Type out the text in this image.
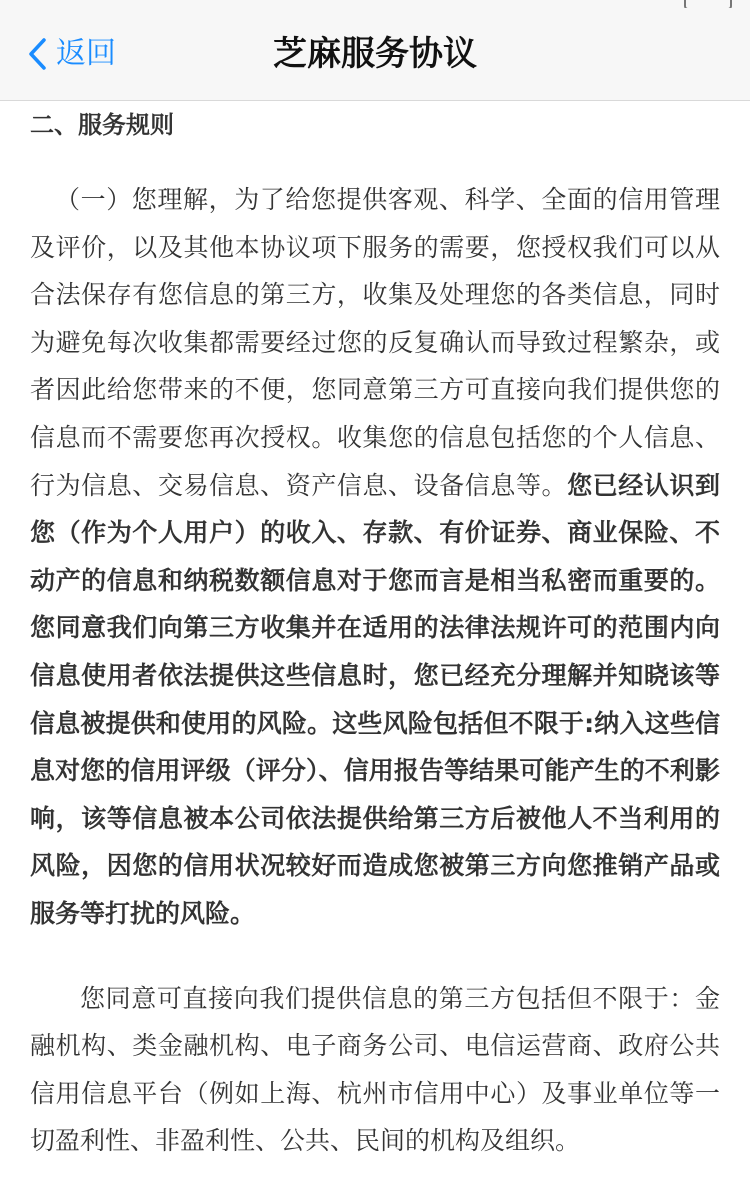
返回	芝麻服务协议

二、服务规则

（一）您理解，为了给您提供客观、科学、全面的信用管理及评价，以及其他本协议项下服务的需要，您授权我们可以从合法保存有您信息的第三方，收集及处理您的各类信息，同时为避免每次收集都需要经过您的反复确认而导致过程繁杂，或者因此给您带来的不便，您同意第三方可直接向我们提供您的信息而不需要您再次授权。收集您的信息包括您的个人信息、行为信息、交易信息、资产信息、设备信息等。您已经认识到您（作为个人用户）的收入、存款、有价证券、商业保险、不动产的信息和纳税数额信息对于您而言是相当私密而重要的。您同意我们向第三方收集并在适用的法律法规许可的范围内向信息使用者依法提供这些信息时，您已经充分理解并知晓该等信息被提供和使用的风险。这些风险包括但不限于:纳入这些信息对您的信用评级（评分）、信用报告等结果可能产生的不利影响，该等信息被本公司依法提供给第三方后被他人不当利用的风险，因您的信用状况较好而造成您被第三方向您推销产品或服务等打扰的风险。

您同意可直接向我们提供信息的第三方包括但不限于：金融机构、类金融机构、电子商务公司、电信运营商、政府公共信用信息平台（例如上海、杭州市信用中心）及事业单位等一切盈利性、非盈利性、公共、民间的机构及组织。
